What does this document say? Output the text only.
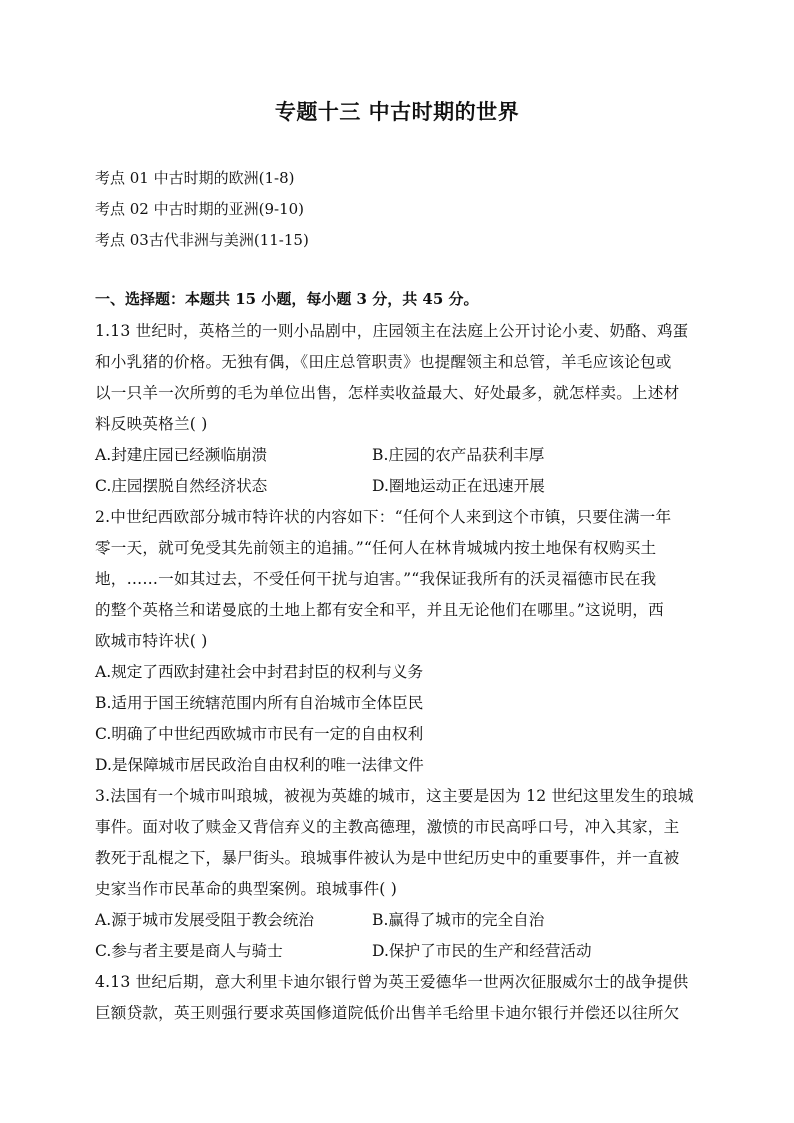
专题十三 中古时期的世界
考点 01 中古时期的欧洲(1-8)
考点 02 中古时期的亚洲(9-10)
考点 03古代非洲与美洲(11-15)
一、选择题：本题共 15 小题，每小题 3 分，共 45 分。
1.13 世纪时，英格兰的一则小品剧中，庄园领主在法庭上公开讨论小麦、奶酪、鸡蛋
和小乳猪的价格。无独有偶，《田庄总管职责》也提醒领主和总管，羊毛应该论包或
以一只羊一次所剪的毛为单位出售，怎样卖收益最大、好处最多，就怎样卖。上述材
料反映英格兰( )
A.封建庄园已经濒临崩溃	B.庄园的农产品获利丰厚
C.庄园摆脱自然经济状态	D.圈地运动正在迅速开展
2.中世纪西欧部分城市特许状的内容如下：“任何个人来到这个市镇，只要住满一年
零一天，就可免受其先前领主的追捕。”“任何人在林肯城城内按土地保有权购买土
地，……一如其过去，不受任何干扰与迫害。”“我保证我所有的沃灵福德市民在我
的整个英格兰和诺曼底的土地上都有安全和平，并且无论他们在哪里。”这说明，西
欧城市特许状( )
A.规定了西欧封建社会中封君封臣的权利与义务
B.适用于国王统辖范围内所有自治城市全体臣民
C.明确了中世纪西欧城市市民有一定的自由权利
D.是保障城市居民政治自由权利的唯一法律文件
3.法国有一个城市叫琅城，被视为英雄的城市，这主要是因为 12 世纪这里发生的琅城
事件。面对收了赎金又背信弃义的主教高德理，激愤的市民高呼口号，冲入其家，主
教死于乱棍之下，暴尸街头。琅城事件被认为是中世纪历史中的重要事件，并一直被
史家当作市民革命的典型案例。琅城事件( )
A.源于城市发展受阻于教会统治	B.赢得了城市的完全自治
C.参与者主要是商人与骑士	D.保护了市民的生产和经营活动
4.13 世纪后期，意大利里卡迪尔银行曾为英王爱德华一世两次征服威尔士的战争提供
巨额贷款，英王则强行要求英国修道院低价出售羊毛给里卡迪尔银行并偿还以往所欠
